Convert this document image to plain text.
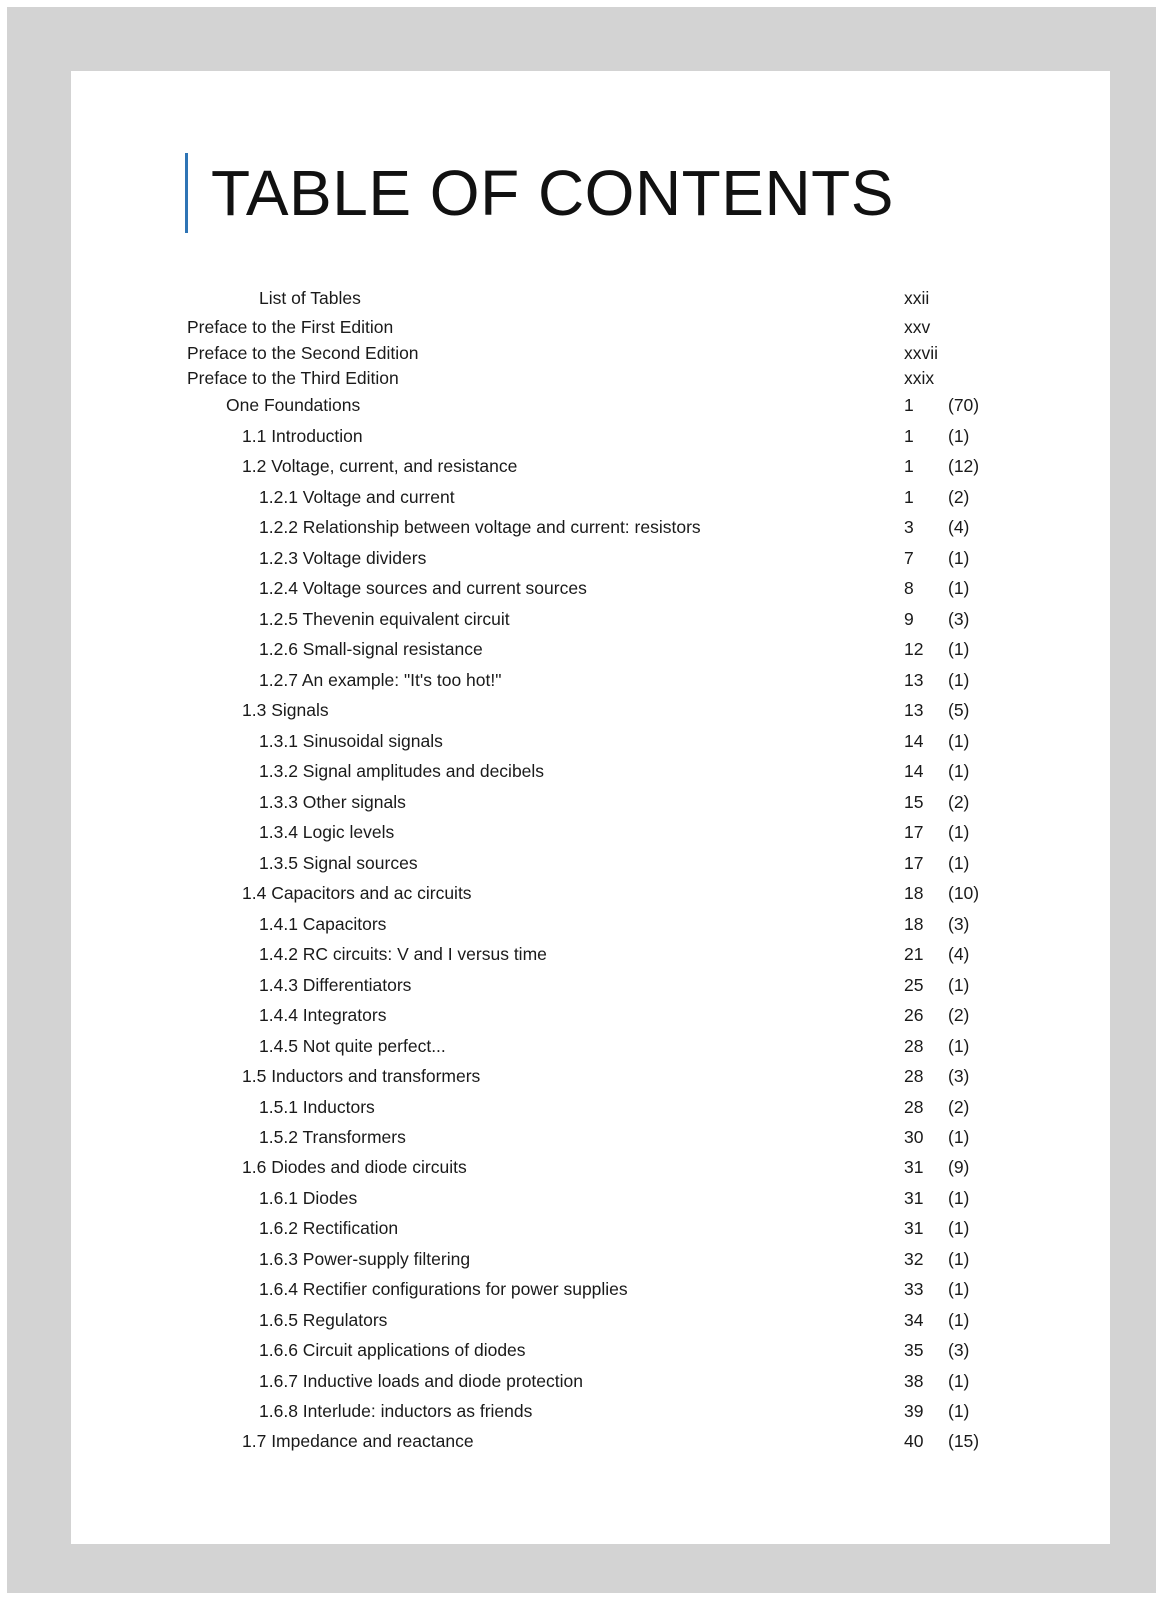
TABLE OF CONTENTS
List of Tables	xxii
Preface to the First Edition	xxv
Preface to the Second Edition	xxvii
Preface to the Third Edition	xxix
One Foundations	1 (70)
1.1 Introduction	1 (1)
1.2 Voltage, current, and resistance	1 (12)
1.2.1 Voltage and current	1 (2)
1.2.2 Relationship between voltage and current: resistors	3 (4)
1.2.3 Voltage dividers	7 (1)
1.2.4 Voltage sources and current sources	8 (1)
1.2.5 Thevenin equivalent circuit	9 (3)
1.2.6 Small-signal resistance	12 (1)
1.2.7 An example: "It's too hot!"	13 (1)
1.3 Signals	13 (5)
1.3.1 Sinusoidal signals	14 (1)
1.3.2 Signal amplitudes and decibels	14 (1)
1.3.3 Other signals	15 (2)
1.3.4 Logic levels	17 (1)
1.3.5 Signal sources	17 (1)
1.4 Capacitors and ac circuits	18 (10)
1.4.1 Capacitors	18 (3)
1.4.2 RC circuits: V and I versus time	21 (4)
1.4.3 Differentiators	25 (1)
1.4.4 Integrators	26 (2)
1.4.5 Not quite perfect...	28 (1)
1.5 Inductors and transformers	28 (3)
1.5.1 Inductors	28 (2)
1.5.2 Transformers	30 (1)
1.6 Diodes and diode circuits	31 (9)
1.6.1 Diodes	31 (1)
1.6.2 Rectification	31 (1)
1.6.3 Power-supply filtering	32 (1)
1.6.4 Rectifier configurations for power supplies	33 (1)
1.6.5 Regulators	34 (1)
1.6.6 Circuit applications of diodes	35 (3)
1.6.7 Inductive loads and diode protection	38 (1)
1.6.8 Interlude: inductors as friends	39 (1)
1.7 Impedance and reactance	40 (15)
